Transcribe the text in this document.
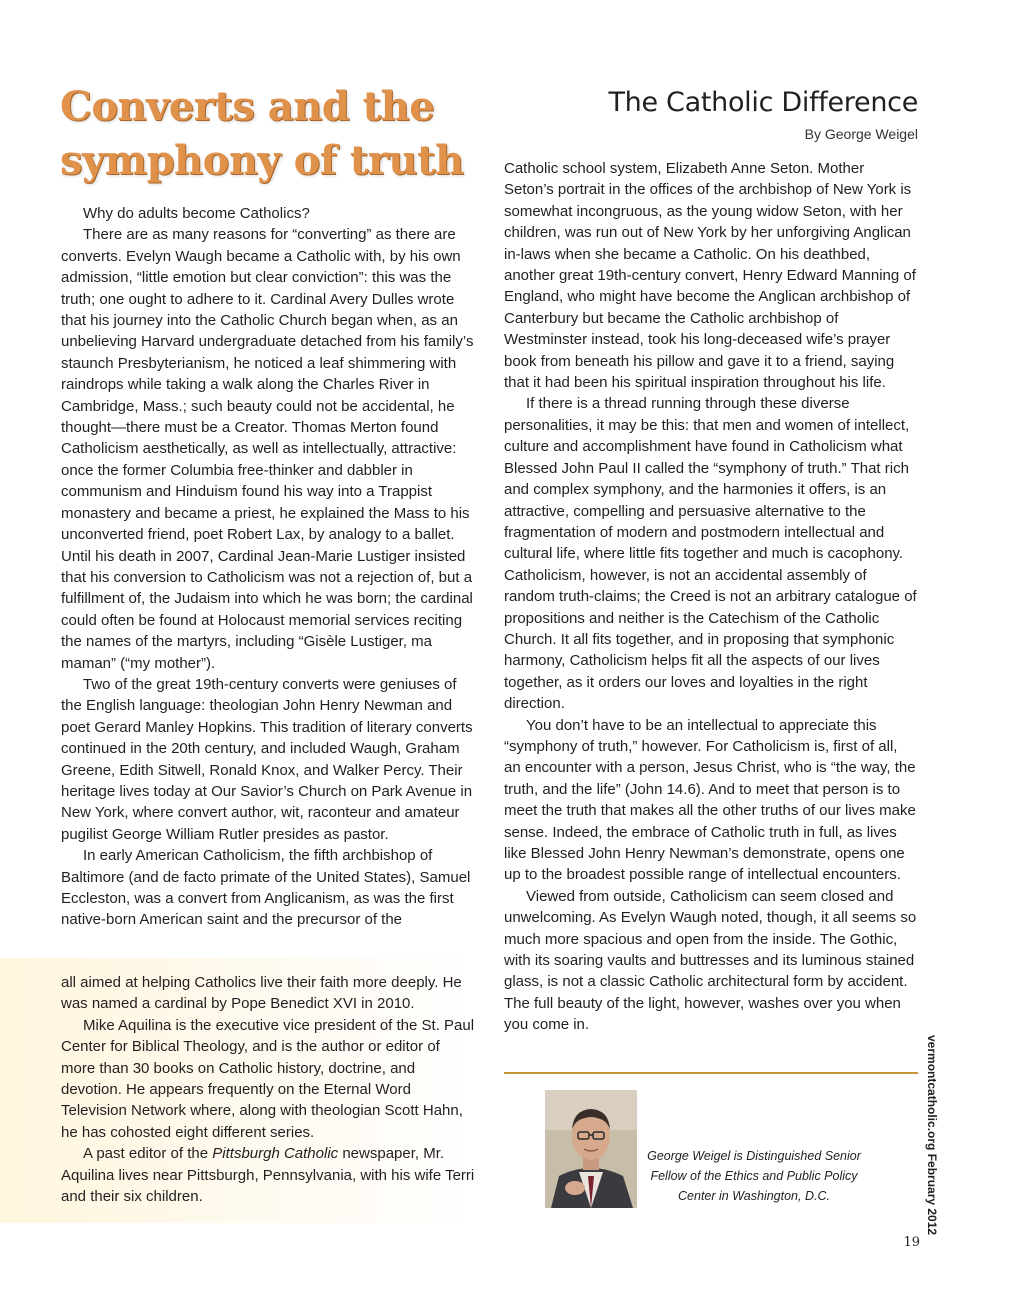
Converts and the symphony of truth

Why do adults become Catholics?

There are as many reasons for “converting” as there are converts. Evelyn Waugh became a Catholic with, by his own admission, “little emotion but clear conviction”: this was the truth; one ought to adhere to it. Cardinal Avery Dulles wrote that his journey into the Catholic Church began when, as an unbelieving Harvard undergraduate detached from his family’s staunch Presbyterianism, he noticed a leaf shimmering with raindrops while taking a walk along the Charles River in Cambridge, Mass.; such beauty could not be accidental, he thought—there must be a Creator. Thomas Merton found Catholicism aesthetically, as well as intellectually, attractive: once the former Columbia free-thinker and dabbler in communism and Hinduism found his way into a Trappist monastery and became a priest, he explained the Mass to his unconverted friend, poet Robert Lax, by analogy to a ballet. Until his death in 2007, Cardinal Jean-Marie Lustiger insisted that his conversion to Catholicism was not a rejection of, but a fulfillment of, the Judaism into which he was born; the cardinal could often be found at Holocaust memorial services reciting the names of the martyrs, including “Gisèle Lustiger, ma maman” (“my mother”).

Two of the great 19th-century converts were geniuses of the English language: theologian John Henry Newman and poet Gerard Manley Hopkins. This tradition of literary converts continued in the 20th century, and included Waugh, Graham Greene, Edith Sitwell, Ronald Knox, and Walker Percy. Their heritage lives today at Our Savior’s Church on Park Avenue in New York, where convert author, wit, raconteur and amateur pugilist George William Rutler presides as pastor.

In early American Catholicism, the fifth archbishop of Baltimore (and de facto primate of the United States), Samuel Eccleston, was a convert from Anglicanism, as was the first native-born American saint and the precursor of the

all aimed at helping Catholics live their faith more deeply. He was named a cardinal by Pope Benedict XVI in 2010.

Mike Aquilina is the executive vice president of the St. Paul Center for Biblical Theology, and is the author or editor of more than 30 books on Catholic history, doctrine, and devotion. He appears frequently on the Eternal Word Television Network where, along with theologian Scott Hahn, he has cohosted eight different series.

A past editor of the Pittsburgh Catholic newspaper, Mr. Aquilina lives near Pittsburgh, Pennsylvania, with his wife Terri and their six children.

The Catholic Difference
By George Weigel

Catholic school system, Elizabeth Anne Seton. Mother Seton’s portrait in the offices of the archbishop of New York is somewhat incongruous, as the young widow Seton, with her children, was run out of New York by her unforgiving Anglican in-laws when she became a Catholic. On his deathbed, another great 19th-century convert, Henry Edward Manning of England, who might have become the Anglican archbishop of Canterbury but became the Catholic archbishop of Westminster instead, took his long-deceased wife’s prayer book from beneath his pillow and gave it to a friend, saying that it had been his spiritual inspiration throughout his life.

If there is a thread running through these diverse personalities, it may be this: that men and women of intellect, culture and accomplishment have found in Catholicism what Blessed John Paul II called the “symphony of truth.” That rich and complex symphony, and the harmonies it offers, is an attractive, compelling and persuasive alternative to the fragmentation of modern and postmodern intellectual and cultural life, where little fits together and much is cacophony. Catholicism, however, is not an accidental assembly of random truth-claims; the Creed is not an arbitrary catalogue of propositions and neither is the Catechism of the Catholic Church. It all fits together, and in proposing that symphonic harmony, Catholicism helps fit all the aspects of our lives together, as it orders our loves and loyalties in the right direction.

You don’t have to be an intellectual to appreciate this “symphony of truth,” however. For Catholicism is, first of all, an encounter with a person, Jesus Christ, who is “the way, the truth, and the life” (John 14.6). And to meet that person is to meet the truth that makes all the other truths of our lives make sense. Indeed, the embrace of Catholic truth in full, as lives like Blessed John Henry Newman’s demonstrate, opens one up to the broadest possible range of intellectual encounters.

Viewed from outside, Catholicism can seem closed and unwelcoming. As Evelyn Waugh noted, though, it all seems so much more spacious and open from the inside. The Gothic, with its soaring vaults and buttresses and its luminous stained glass, is not a classic Catholic architectural form by accident. The full beauty of the light, however, washes over you when you come in.

George Weigel is Distinguished Senior Fellow of the Ethics and Public Policy Center in Washington, D.C.	vermontcatholic.org February 2012
19
